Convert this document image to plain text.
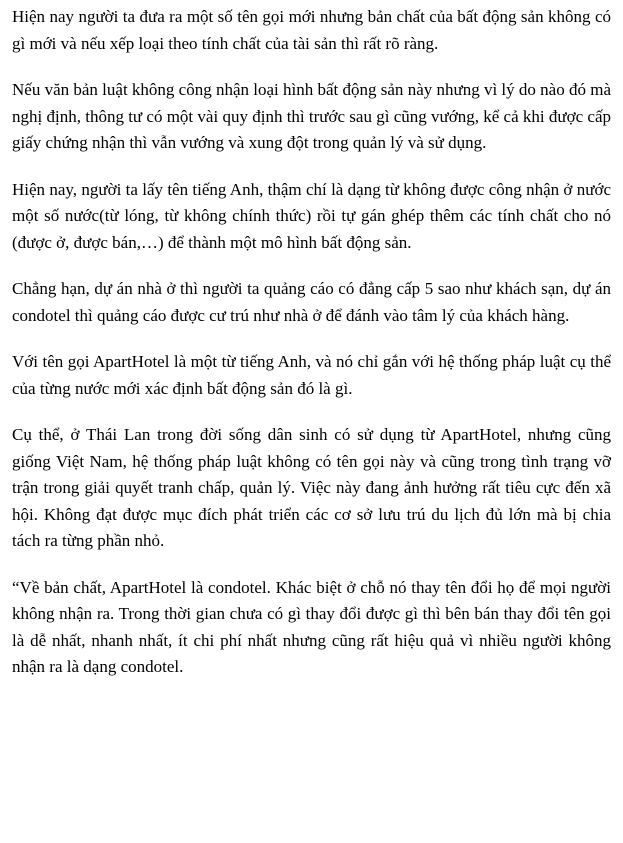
Hiện nay người ta đưa ra một số tên gọi mới nhưng bản chất của bất động sản không có gì mới và nếu xếp loại theo tính chất của tài sản thì rất rõ ràng.

Nếu văn bản luật không công nhận loại hình bất động sản này nhưng vì lý do nào đó mà nghị định, thông tư có một vài quy định thì trước sau gì cũng vướng, kể cả khi được cấp giấy chứng nhận thì vẫn vướng và xung đột trong quản lý và sử dụng.

Hiện nay, người ta lấy tên tiếng Anh, thậm chí là dạng từ không được công nhận ở nước một số nước(từ lóng, từ không chính thức) rồi tự gán ghép thêm các tính chất cho nó (được ở, được bán,…) để thành một mô hình bất động sản.

Chẳng hạn, dự án nhà ở thì người ta quảng cáo có đẳng cấp 5 sao như khách sạn, dự án condotel thì quảng cáo được cư trú như nhà ở để đánh vào tâm lý của khách hàng.

Với tên gọi ApartHotel là một từ tiếng Anh, và nó chỉ gắn với hệ thống pháp luật cụ thể của từng nước mới xác định bất động sản đó là gì.

Cụ thể, ở Thái Lan trong đời sống dân sinh có sử dụng từ ApartHotel, nhưng cũng giống Việt Nam, hệ thống pháp luật không có tên gọi này và cũng trong tình trạng vỡ trận trong giải quyết tranh chấp, quản lý. Việc này đang ảnh hưởng rất tiêu cực đến xã hội. Không đạt được mục đích phát triển các cơ sở lưu trú du lịch đủ lớn mà bị chia tách ra từng phần nhỏ.

“Về bản chất, ApartHotel là condotel. Khác biệt ở chỗ nó thay tên đổi họ để mọi người không nhận ra. Trong thời gian chưa có gì thay đổi được gì thì bên bán thay đổi tên gọi là dễ nhất, nhanh nhất, ít chi phí nhất nhưng cũng rất hiệu quả vì nhiều người không nhận ra là dạng condotel.
